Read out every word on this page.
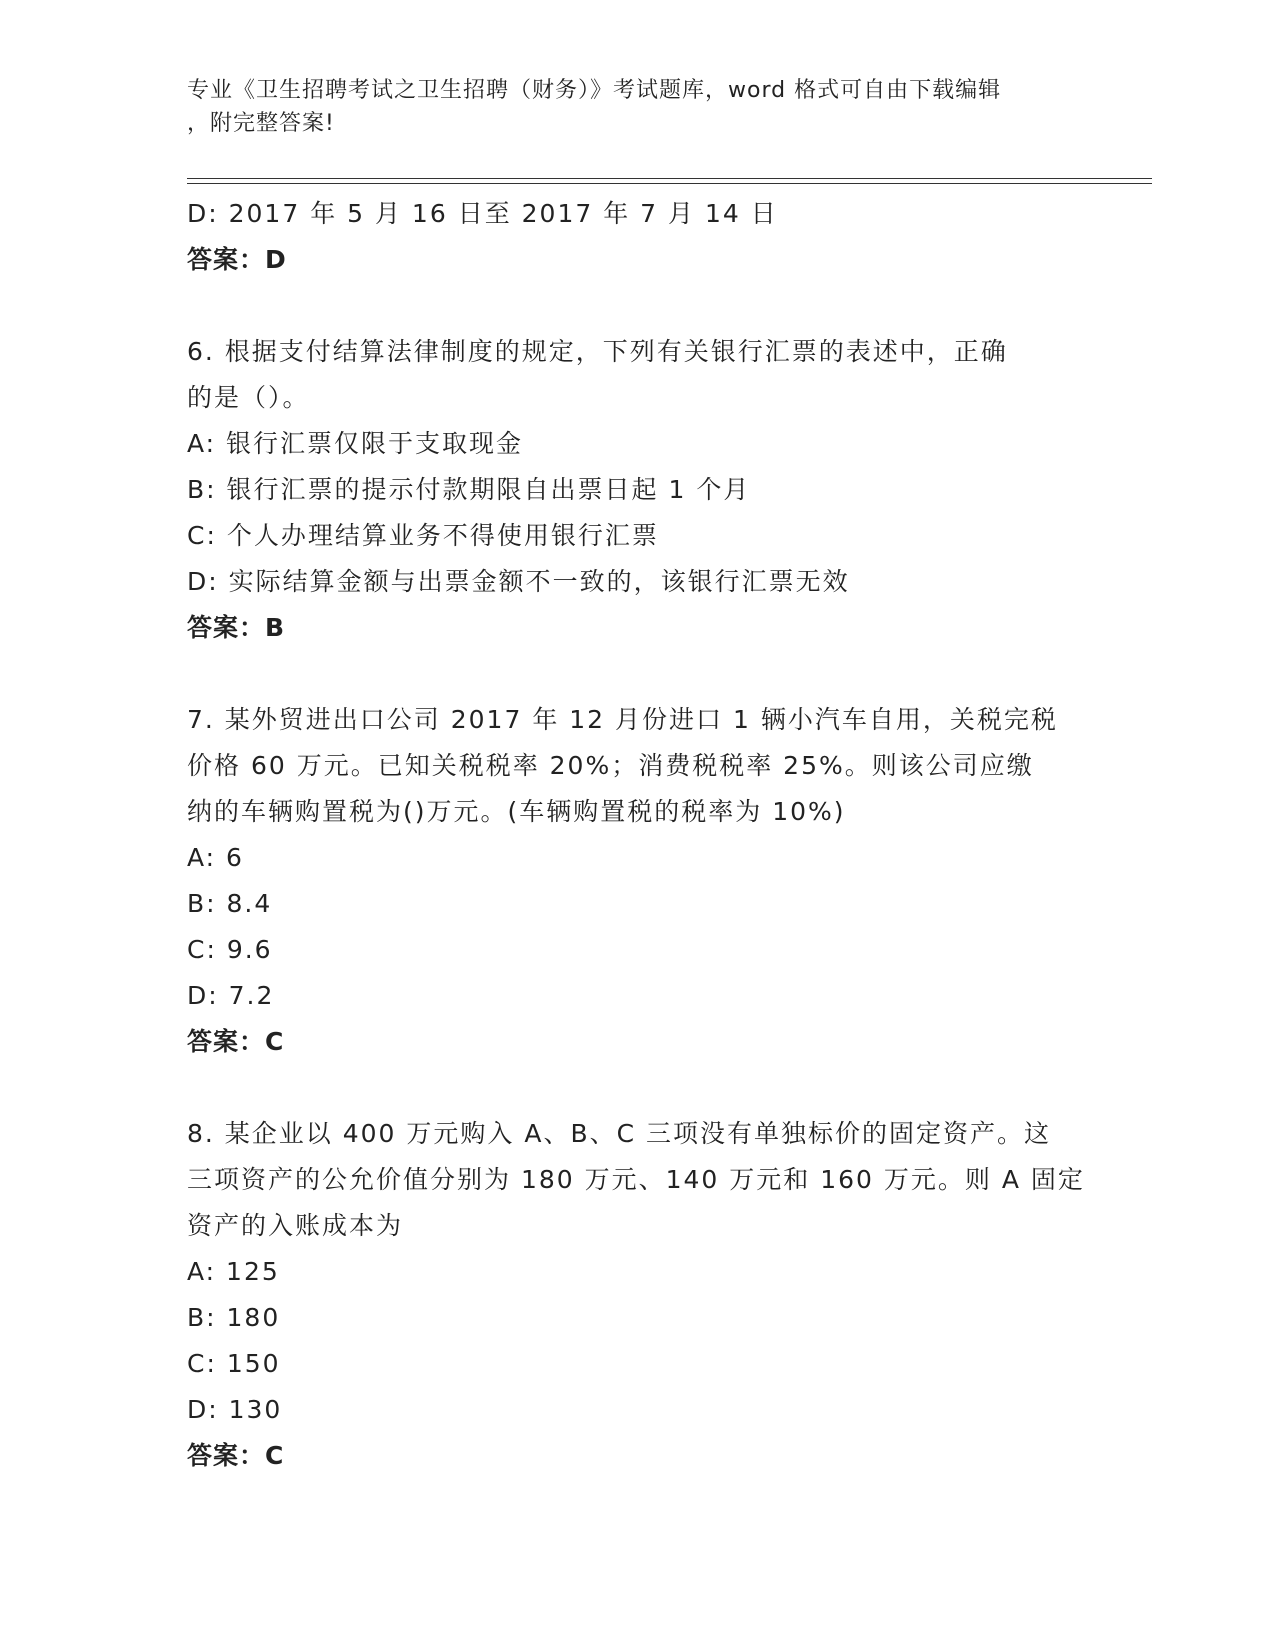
专业《卫生招聘考试之卫生招聘（财务）》考试题库，word 格式可自由下载编辑
，附完整答案!
D: 2017 年 5 月 16 日至 2017 年 7 月 14 日
答案：D
6. 根据支付结算法律制度的规定，下列有关银行汇票的表述中，正确
的是（）。
A: 银行汇票仅限于支取现金
B: 银行汇票的提示付款期限自出票日起 1 个月
C: 个人办理结算业务不得使用银行汇票
D: 实际结算金额与出票金额不一致的，该银行汇票无效
答案：B
7. 某外贸进出口公司 2017 年 12 月份进口 1 辆小汽车自用，关税完税
价格 60 万元。已知关税税率 20%；消费税税率 25%。则该公司应缴
纳的车辆购置税为()万元。(车辆购置税的税率为 10%)
A: 6
B: 8.4
C: 9.6
D: 7.2
答案：C
8. 某企业以 400 万元购入 A、B、C 三项没有单独标价的固定资产。这
三项资产的公允价值分别为 180 万元、140 万元和 160 万元。则 A 固定
资产的入账成本为
A: 125
B: 180
C: 150
D: 130
答案：C
